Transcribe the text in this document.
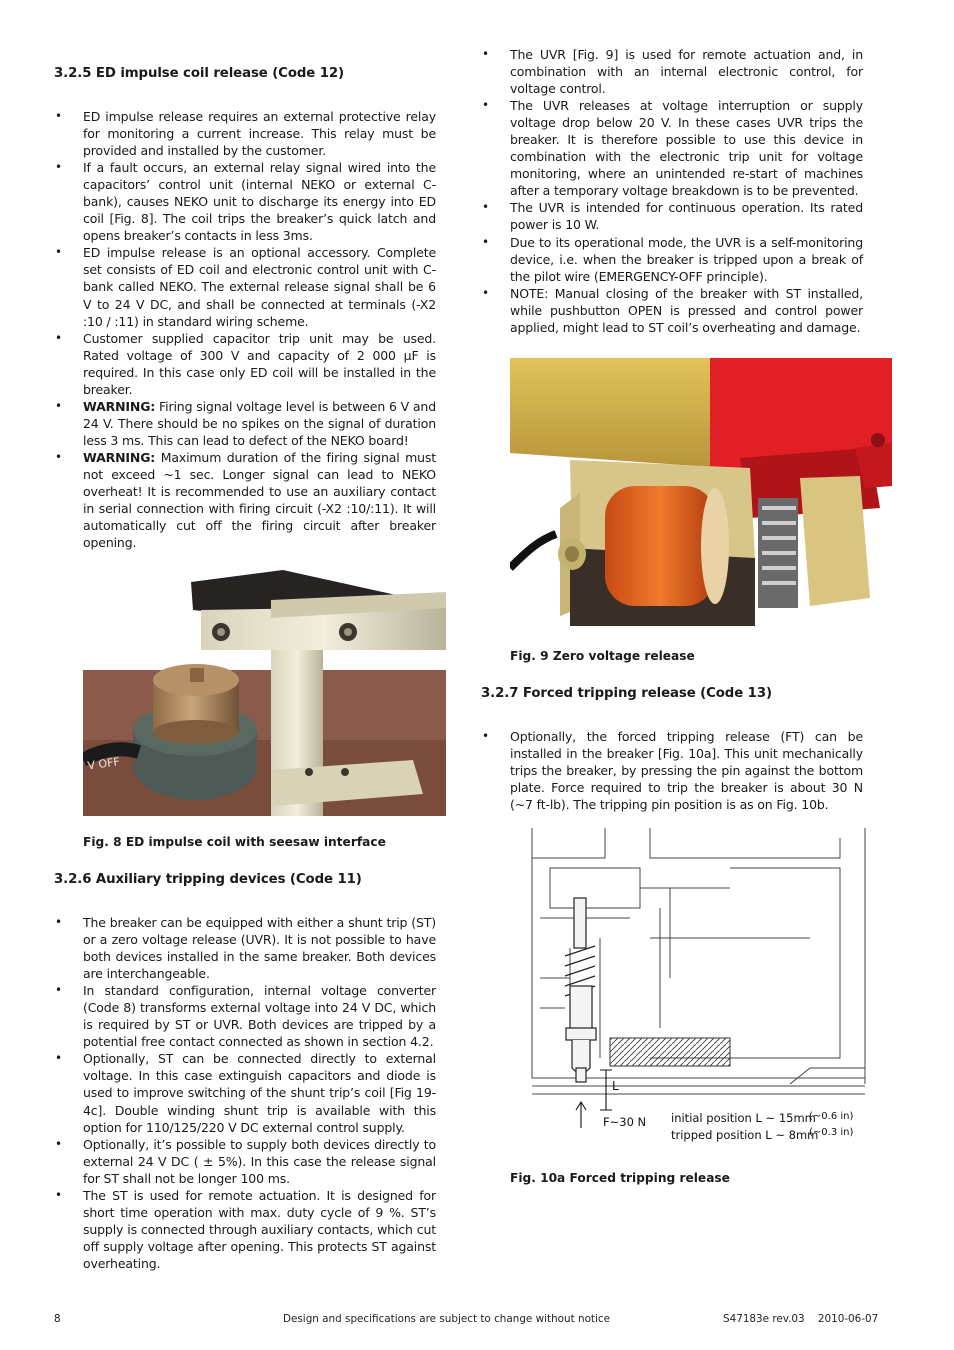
3.2.5 ED impulse coil release (Code 12)
• ED impulse release requires an external protective relay for monitoring a current increase. This relay must be provided and installed by the customer.
• If a fault occurs, an external relay signal wired into the capacitors’ control unit (internal NEKO or external C-bank), causes NEKO unit to discharge its energy into ED coil [Fig. 8]. The coil trips the breaker’s quick latch and opens breaker’s contacts in less 3ms.
• ED impulse release is an optional accessory. Complete set consists of ED coil and electronic control unit with C-bank called NEKO. The external release signal shall be 6 V to 24 V DC, and shall be connected at terminals (-X2 :10 / :11) in standard wiring scheme.
• Customer supplied capacitor trip unit may be used. Rated voltage of 300 V and capacity of 2 000 µF is required. In this case only ED coil will be installed in the breaker.
• WARNING: Firing signal voltage level is between 6 V and 24 V. There should be no spikes on the signal of duration less 3 ms. This can lead to defect of the NEKO board!
• WARNING: Maximum duration of the firing signal must not exceed ~1 sec. Longer signal can lead to NEKO overheat! It is recommended to use an auxiliary contact in serial connection with firing circuit (-X2 :10/:11). It will automatically cut off the firing circuit after breaker opening.
V OFF

Fig. 8 ED impulse coil with seesaw interface

3.2.6 Auxiliary tripping devices (Code 11)
• The breaker can be equipped with either a shunt trip (ST) or a zero voltage release (UVR). It is not possible to have both devices installed in the same breaker. Both devices are interchangeable.
• In standard configuration, internal voltage converter (Code 8) transforms external voltage into 24 V DC, which is required by ST or UVR. Both devices are tripped by a potential free contact connected as shown in section 4.2.
• Optionally, ST can be connected directly to external voltage. In this case extinguish capacitors and diode is used to improve switching of the shunt trip’s coil [Fig 19-4c]. Double winding shunt trip is available with this option for 110/125/220 V DC external control supply.
• Optionally, it’s possible to supply both devices directly to external 24 V DC ( ± 5%). In this case the release signal for ST shall not be longer 100 ms.
• The ST is used for remote actuation. It is designed for short time operation with max. duty cycle of 9 %. ST’s supply is connected through auxiliary contacts, which cut off supply voltage after opening. This protects ST against overheating.
• The UVR [Fig. 9] is used for remote actuation and, in combination with an internal electronic control, for voltage control.
• The UVR releases at voltage interruption or supply voltage drop below 20 V. In these cases UVR trips the breaker. It is therefore possible to use this device in combination with the electronic trip unit for voltage monitoring, where an unintended re-start of machines after a temporary voltage breakdown is to be prevented.
• The UVR is intended for continuous operation. Its rated power is 10 W.
• Due to its operational mode, the UVR is a self-monitoring device, i.e. when the breaker is tripped upon a break of the pilot wire (EMERGENCY-OFF principle).
• NOTE: Manual closing of the breaker with ST installed, while pushbutton OPEN is pressed and control power applied, might lead to ST coil’s overheating and damage.

Fig. 9 Zero voltage release

3.2.7 Forced tripping release (Code 13)
• Optionally, the forced tripping release (FT) can be installed in the breaker [Fig. 10a]. This unit mechanically trips the breaker, by pressing the pin against the bottom plate. Force required to trip the breaker is about 30 N (~7 ft-lb). The tripping pin position is as on Fig. 10b.
L
F~30 N initial position L ~ 15mm
(~0.6 in)
tripped position L ~ 8mm
(~0.3 in)

Fig. 10a Forced tripping release

8	Design and specifications are subject to change without notice	S47183e rev.03    2010-06-07
